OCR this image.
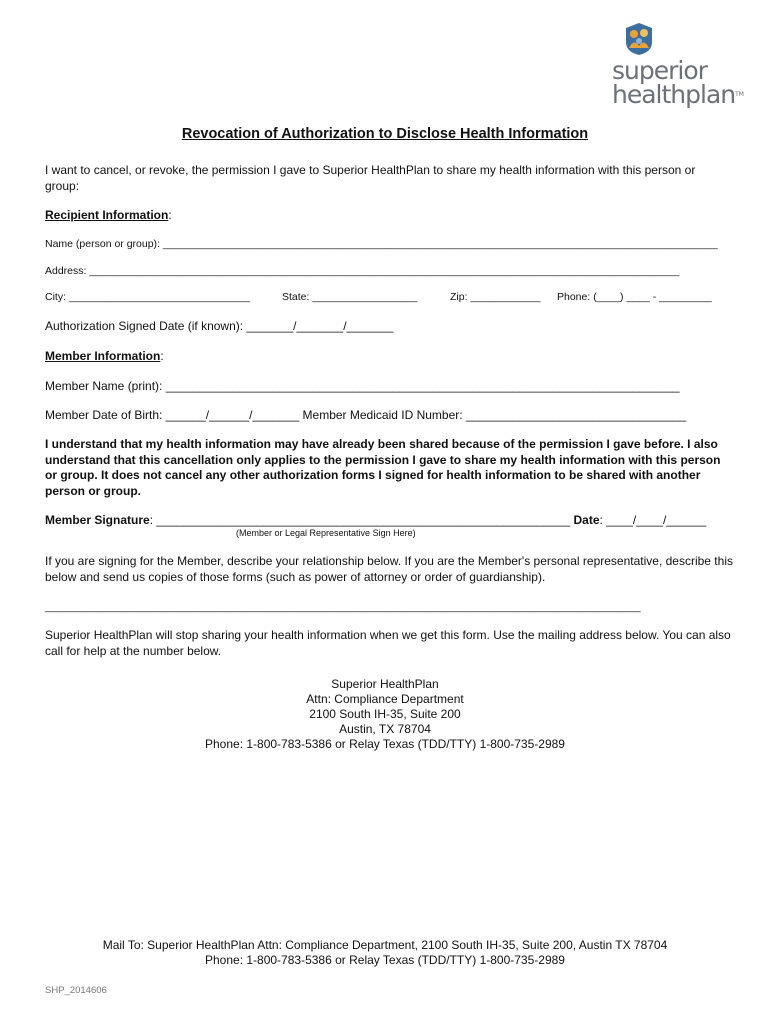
superior
healthplanTM
Revocation of Authorization to Disclose Health Information
I want to cancel, or revoke, the permission I gave to Superior HealthPlan to share my health information with this person or group:
Recipient Information:
Name (person or group): _______________________________________________________________________________________________
Address: _____________________________________________________________________________________________________
City: _______________________________	State: __________________	Zip: ____________ Phone: (____) ____ - _________
Authorization Signed Date (if known): _______/_______/_______
Member Information:
Member Name (print): _____________________________________________________________________________
Member Date of Birth: ______/______/_______ Member Medicaid ID Number: _________________________________
I understand that my health information may have already been shared because of the permission I gave before. I also understand that this cancellation only applies to the permission I gave to share my health information with this person or group. It does not cancel any other authorization forms I signed for health information to be shared with another person or group.
Member Signature: ______________________________________________________________ Date: ____/____/______
(Member or Legal Representative Sign Here)
If you are signing for the Member, describe your relationship below. If you are the Member's personal representative, describe this below and send us copies of those forms (such as power of attorney or order of guardianship).
______________________________________________________________________________________________________
Superior HealthPlan will stop sharing your health information when we get this form. Use the mailing address below. You can also call for help at the number below.
Superior HealthPlan
Attn: Compliance Department
2100 South IH-35, Suite 200
Austin, TX 78704
Phone: 1-800-783-5386 or Relay Texas (TDD/TTY) 1-800-735-2989
Mail To: Superior HealthPlan Attn: Compliance Department, 2100 South IH-35, Suite 200, Austin TX 78704
Phone: 1-800-783-5386 or Relay Texas (TDD/TTY) 1-800-735-2989
SHP_2014606
